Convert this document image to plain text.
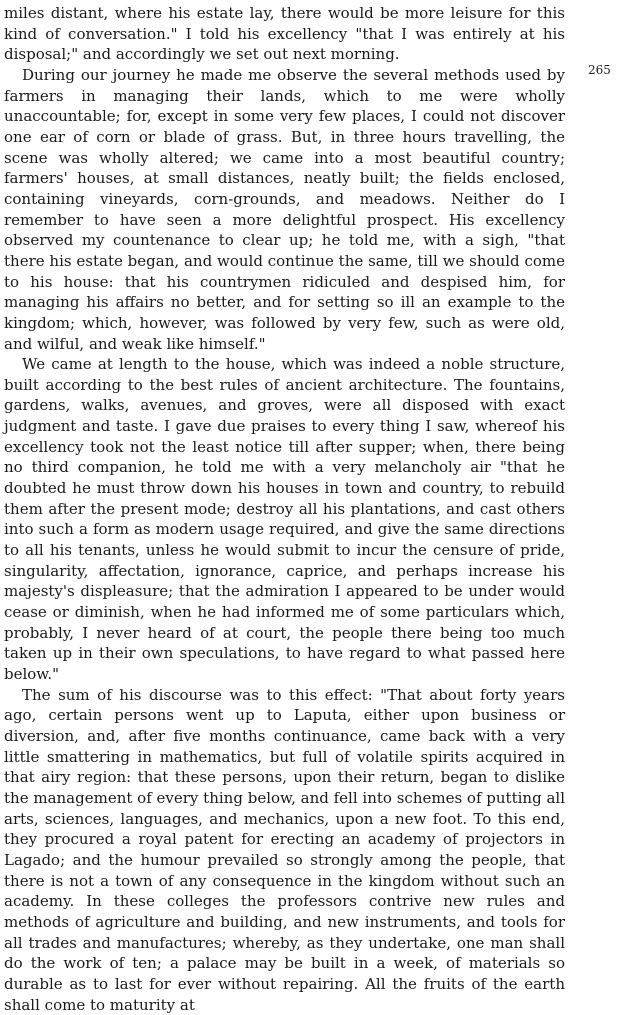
miles distant, where his estate lay, there would be more leisure for this kind of conversation." I told his excellency "that I was entirely at his disposal;" and accordingly we set out next morning.

During our journey he made me observe the several methods used by farmers in managing their lands, which to me were wholly unaccountable; for, except in some very few places, I could not discover one ear of corn or blade of grass. But, in three hours travelling, the scene was wholly altered; we came into a most beautiful country; farmers' houses, at small distances, neatly built; the fields enclosed, containing vineyards, corn-grounds, and meadows. Neither do I remember to have seen a more delightful prospect. His excellency observed my countenance to clear up; he told me, with a sigh, "that there his estate began, and would continue the same, till we should come to his house: that his countrymen ridiculed and despised him, for managing his affairs no better, and for setting so ill an example to the kingdom; which, however, was followed by very few, such as were old, and wilful, and weak like himself."

We came at length to the house, which was indeed a noble structure, built according to the best rules of ancient architecture. The fountains, gardens, walks, avenues, and groves, were all disposed with exact judgment and taste. I gave due praises to every thing I saw, whereof his excellency took not the least notice till after supper; when, there being no third companion, he told me with a very melancholy air "that he doubted he must throw down his houses in town and country, to rebuild them after the present mode; destroy all his plantations, and cast others into such a form as modern usage required, and give the same directions to all his tenants, unless he would submit to incur the censure of pride, singularity, affectation, ignorance, caprice, and perhaps increase his majesty's displeasure; that the admiration I appeared to be under would cease or diminish, when he had informed me of some particulars which, probably, I never heard of at court, the people there being too much taken up in their own speculations, to have regard to what passed here below."

The sum of his discourse was to this effect: "That about forty years ago, certain persons went up to Laputa, either upon business or diversion, and, after five months continuance, came back with a very little smattering in mathematics, but full of volatile spirits acquired in that airy region: that these persons, upon their return, began to dislike the management of every thing below, and fell into schemes of putting all arts, sciences, languages, and mechanics, upon a new foot. To this end, they procured a royal patent for erecting an academy of projectors in Lagado; and the humour prevailed so strongly among the people, that there is not a town of any consequence in the kingdom without such an academy. In these colleges the professors contrive new rules and methods of agriculture and building, and new instruments, and tools for all trades and manufactures; whereby, as they undertake, one man shall do the work of ten; a palace may be built in a week, of materials so durable as to last for ever without repairing. All the fruits of the earth shall come to maturity at

265
